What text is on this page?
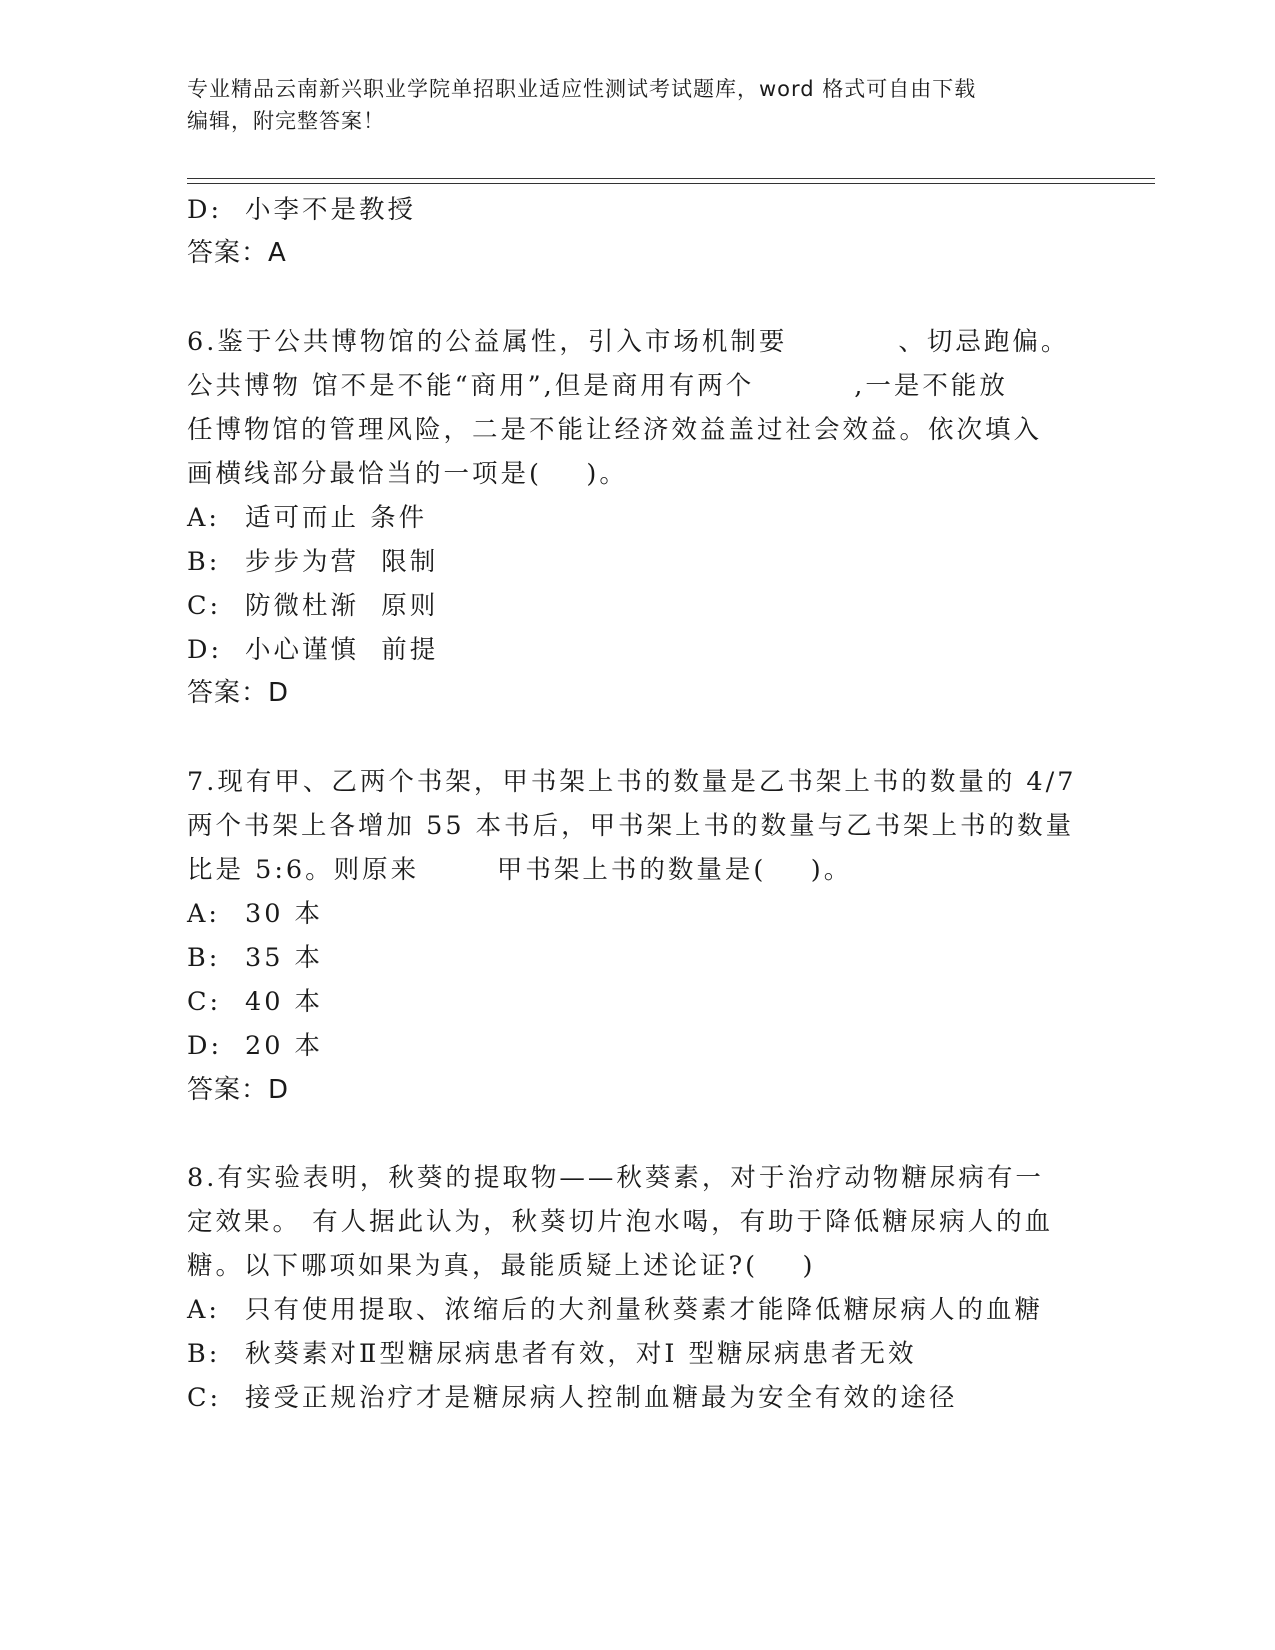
专业精品云南新兴职业学院单招职业适应性测试考试题库，word 格式可自由下载
编辑，附完整答案！
D: 小李不是教授
答案：A
6.鉴于公共博物馆的公益属性，引入市场机制要          、切忌跑偏。
公共博物 馆不是不能“商用”,但是商用有两个         ,一是不能放
任博物馆的管理风险，二是不能让经济效益盖过社会效益。依次填入
画横线部分最恰当的一项是(    )。
A: 适可而止 条件
B: 步步为营  限制
C: 防微杜渐  原则
D: 小心谨慎  前提
答案：D
7.现有甲、乙两个书架，甲书架上书的数量是乙书架上书的数量的 4/7
两个书架上各增加 55 本书后，甲书架上书的数量与乙书架上书的数量
比是 5:6。则原来       甲书架上书的数量是(    )。
A: 30 本
B: 35 本
C: 40 本
D: 20 本
答案：D
8.有实验表明，秋葵的提取物——秋葵素，对于治疗动物糖尿病有一
定效果。 有人据此认为，秋葵切片泡水喝，有助于降低糖尿病人的血
糖。以下哪项如果为真，最能质疑上述论证?(    )
A: 只有使用提取、浓缩后的大剂量秋葵素才能降低糖尿病人的血糖
B: 秋葵素对Ⅱ型糖尿病患者有效，对Ⅰ 型糖尿病患者无效
C: 接受正规治疗才是糖尿病人控制血糖最为安全有效的途径
